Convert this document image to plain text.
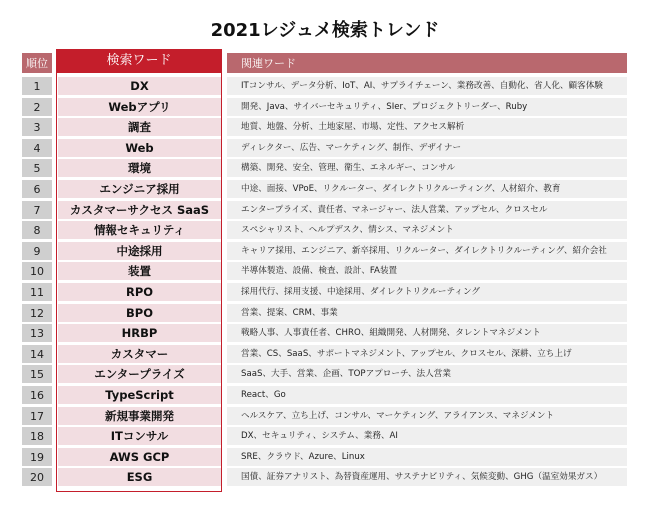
2021レジュメ検索トレンド
順位	検索ワード	関連ワード
1	DX	ITコンサル、データ分析、IoT、AI、サプライチェーン、業務改善、自動化、省人化、顧客体験
2	Webアプリ	開発、Java、サイバーセキュリティ、SIer、プロジェクトリーダー、Ruby
3	調査	地質、地盤、分析、土地家屋、市場、定性、アクセス解析
4	Web	ディレクター、広告、マーケティング、制作、デザイナー
5	環境	構築、開発、安全、管理、衛生、エネルギー、コンサル
6	エンジニア採用	中途、面接、VPoE、リクルーター、ダイレクトリクルーティング、人材紹介、教育
7	カスタマーサクセス SaaS	エンタープライズ、責任者、マネージャー、法人営業、アップセル、クロスセル
8	情報セキュリティ	スペシャリスト、ヘルプデスク、情シス、マネジメント
9	中途採用	キャリア採用、エンジニア、新卒採用、リクルーター、ダイレクトリクルーティング、紹介会社
10	装置	半導体製造、設備、検査、設計、FA装置
11	RPO	採用代行、採用支援、中途採用、ダイレクトリクルーティング
12	BPO	営業、提案、CRM、事業
13	HRBP	戦略人事、人事責任者、CHRO、組織開発、人材開発、タレントマネジメント
14	カスタマー	営業、CS、SaaS、サポートマネジメント、アップセル、クロスセル、深耕、立ち上げ
15	エンタープライズ	SaaS、大手、営業、企画、TOPアプローチ、法人営業
16	TypeScript	React、Go
17	新規事業開発	ヘルスケア、立ち上げ、コンサル、マーケティング、アライアンス、マネジメント
18	ITコンサル	DX、セキュリティ、システム、業務、AI
19	AWS GCP	SRE、クラウド、Azure、Linux
20	ESG	国債、証券アナリスト、為替資産運用、サステナビリティ、気候変動、GHG（温室効果ガス）
